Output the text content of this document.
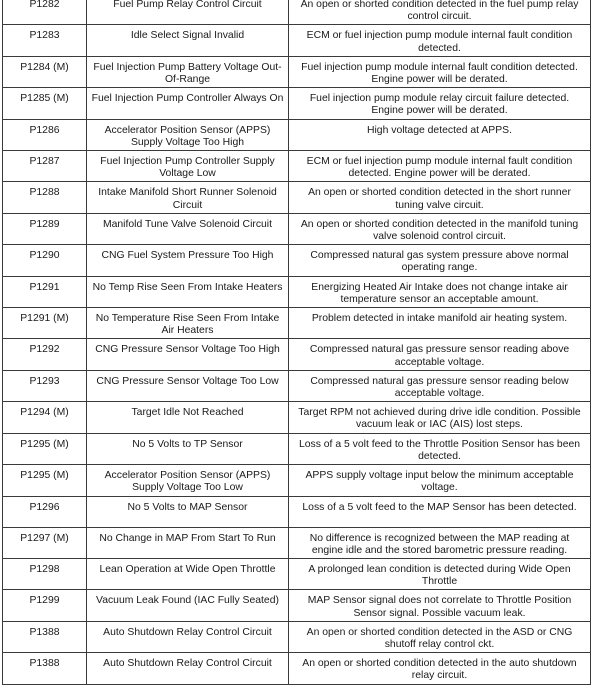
P1282	Fuel Pump Relay Control Circuit	An open or shorted condition detected in the fuel pump relay control circuit.
P1283	Idle Select Signal Invalid	ECM or fuel injection pump module internal fault condition detected.
P1284 (M)	Fuel Injection Pump Battery Voltage Out-Of-Range	Fuel injection pump module internal fault condition detected. Engine power will be derated.
P1285 (M)	Fuel Injection Pump Controller Always On	Fuel injection pump module relay circuit failure detected. Engine power will be derated.
P1286	Accelerator Position Sensor (APPS) Supply Voltage Too High	High voltage detected at APPS.
P1287	Fuel Injection Pump Controller Supply Voltage Low	ECM or fuel injection pump module internal fault condition detected. Engine power will be derated.
P1288	Intake Manifold Short Runner Solenoid Circuit	An open or shorted condition detected in the short runner tuning valve circuit.
P1289	Manifold Tune Valve Solenoid Circuit	An open or shorted condition detected in the manifold tuning valve solenoid control circuit.
P1290	CNG Fuel System Pressure Too High	Compressed natural gas system pressure above normal operating range.
P1291	No Temp Rise Seen From Intake Heaters	Energizing Heated Air Intake does not change intake air temperature sensor an acceptable amount.
P1291 (M)	No Temperature Rise Seen From Intake Air Heaters	Problem detected in intake manifold air heating system.
P1292	CNG Pressure Sensor Voltage Too High	Compressed natural gas pressure sensor reading above acceptable voltage.
P1293	CNG Pressure Sensor Voltage Too Low	Compressed natural gas pressure sensor reading below acceptable voltage.
P1294 (M)	Target Idle Not Reached	Target RPM not achieved during drive idle condition. Possible vacuum leak or IAC (AIS) lost steps.
P1295 (M)	No 5 Volts to TP Sensor	Loss of a 5 volt feed to the Throttle Position Sensor has been detected.
P1295 (M)	Accelerator Position Sensor (APPS) Supply Voltage Too Low	APPS supply voltage input below the minimum acceptable voltage.
P1296	No 5 Volts to MAP Sensor	Loss of a 5 volt feed to the MAP Sensor has been detected.
P1297 (M)	No Change in MAP From Start To Run	No difference is recognized between the MAP reading at engine idle and the stored barometric pressure reading.
P1298	Lean Operation at Wide Open Throttle	A prolonged lean condition is detected during Wide Open Throttle
P1299	Vacuum Leak Found (IAC Fully Seated)	MAP Sensor signal does not correlate to Throttle Position Sensor signal. Possible vacuum leak.
P1388	Auto Shutdown Relay Control Circuit	An open or shorted condition detected in the ASD or CNG shutoff relay control ckt.
P1388	Auto Shutdown Relay Control Circuit	An open or shorted condition detected in the auto shutdown relay circuit.
